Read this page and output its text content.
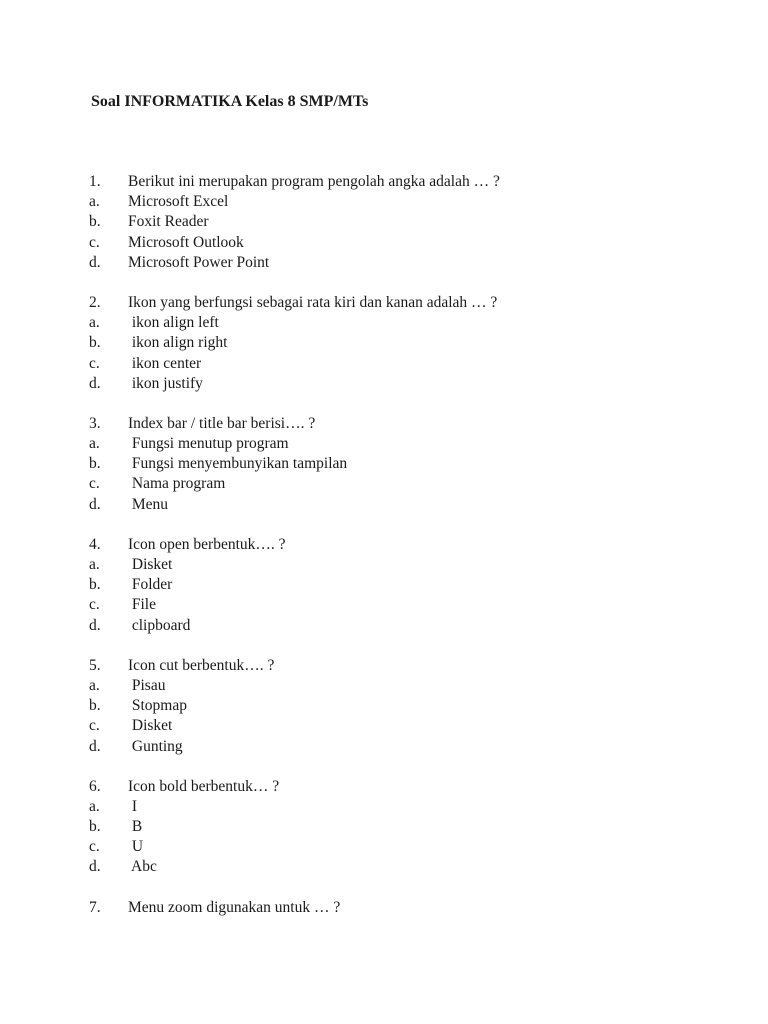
Soal INFORMATIKA Kelas 8 SMP/MTs
1. Berikut ini merupakan program pengolah angka adalah … ?
a. Microsoft Excel
b. Foxit Reader
c. Microsoft Outlook
d. Microsoft Power Point
2. Ikon yang berfungsi sebagai rata kiri dan kanan adalah … ?
a. ikon align left
b. ikon align right
c. ikon center
d. ikon justify
3. Index bar / title bar berisi…. ?
a. Fungsi menutup program
b. Fungsi menyembunyikan tampilan
c. Nama program
d. Menu
4. Icon open berbentuk…. ?
a. Disket
b. Folder
c. File
d. clipboard
5. Icon cut berbentuk…. ?
a. Pisau
b. Stopmap
c. Disket
d. Gunting
6. Icon bold berbentuk… ?
a. I
b. B
c. U
d. Abc
7. Menu zoom digunakan untuk … ?
